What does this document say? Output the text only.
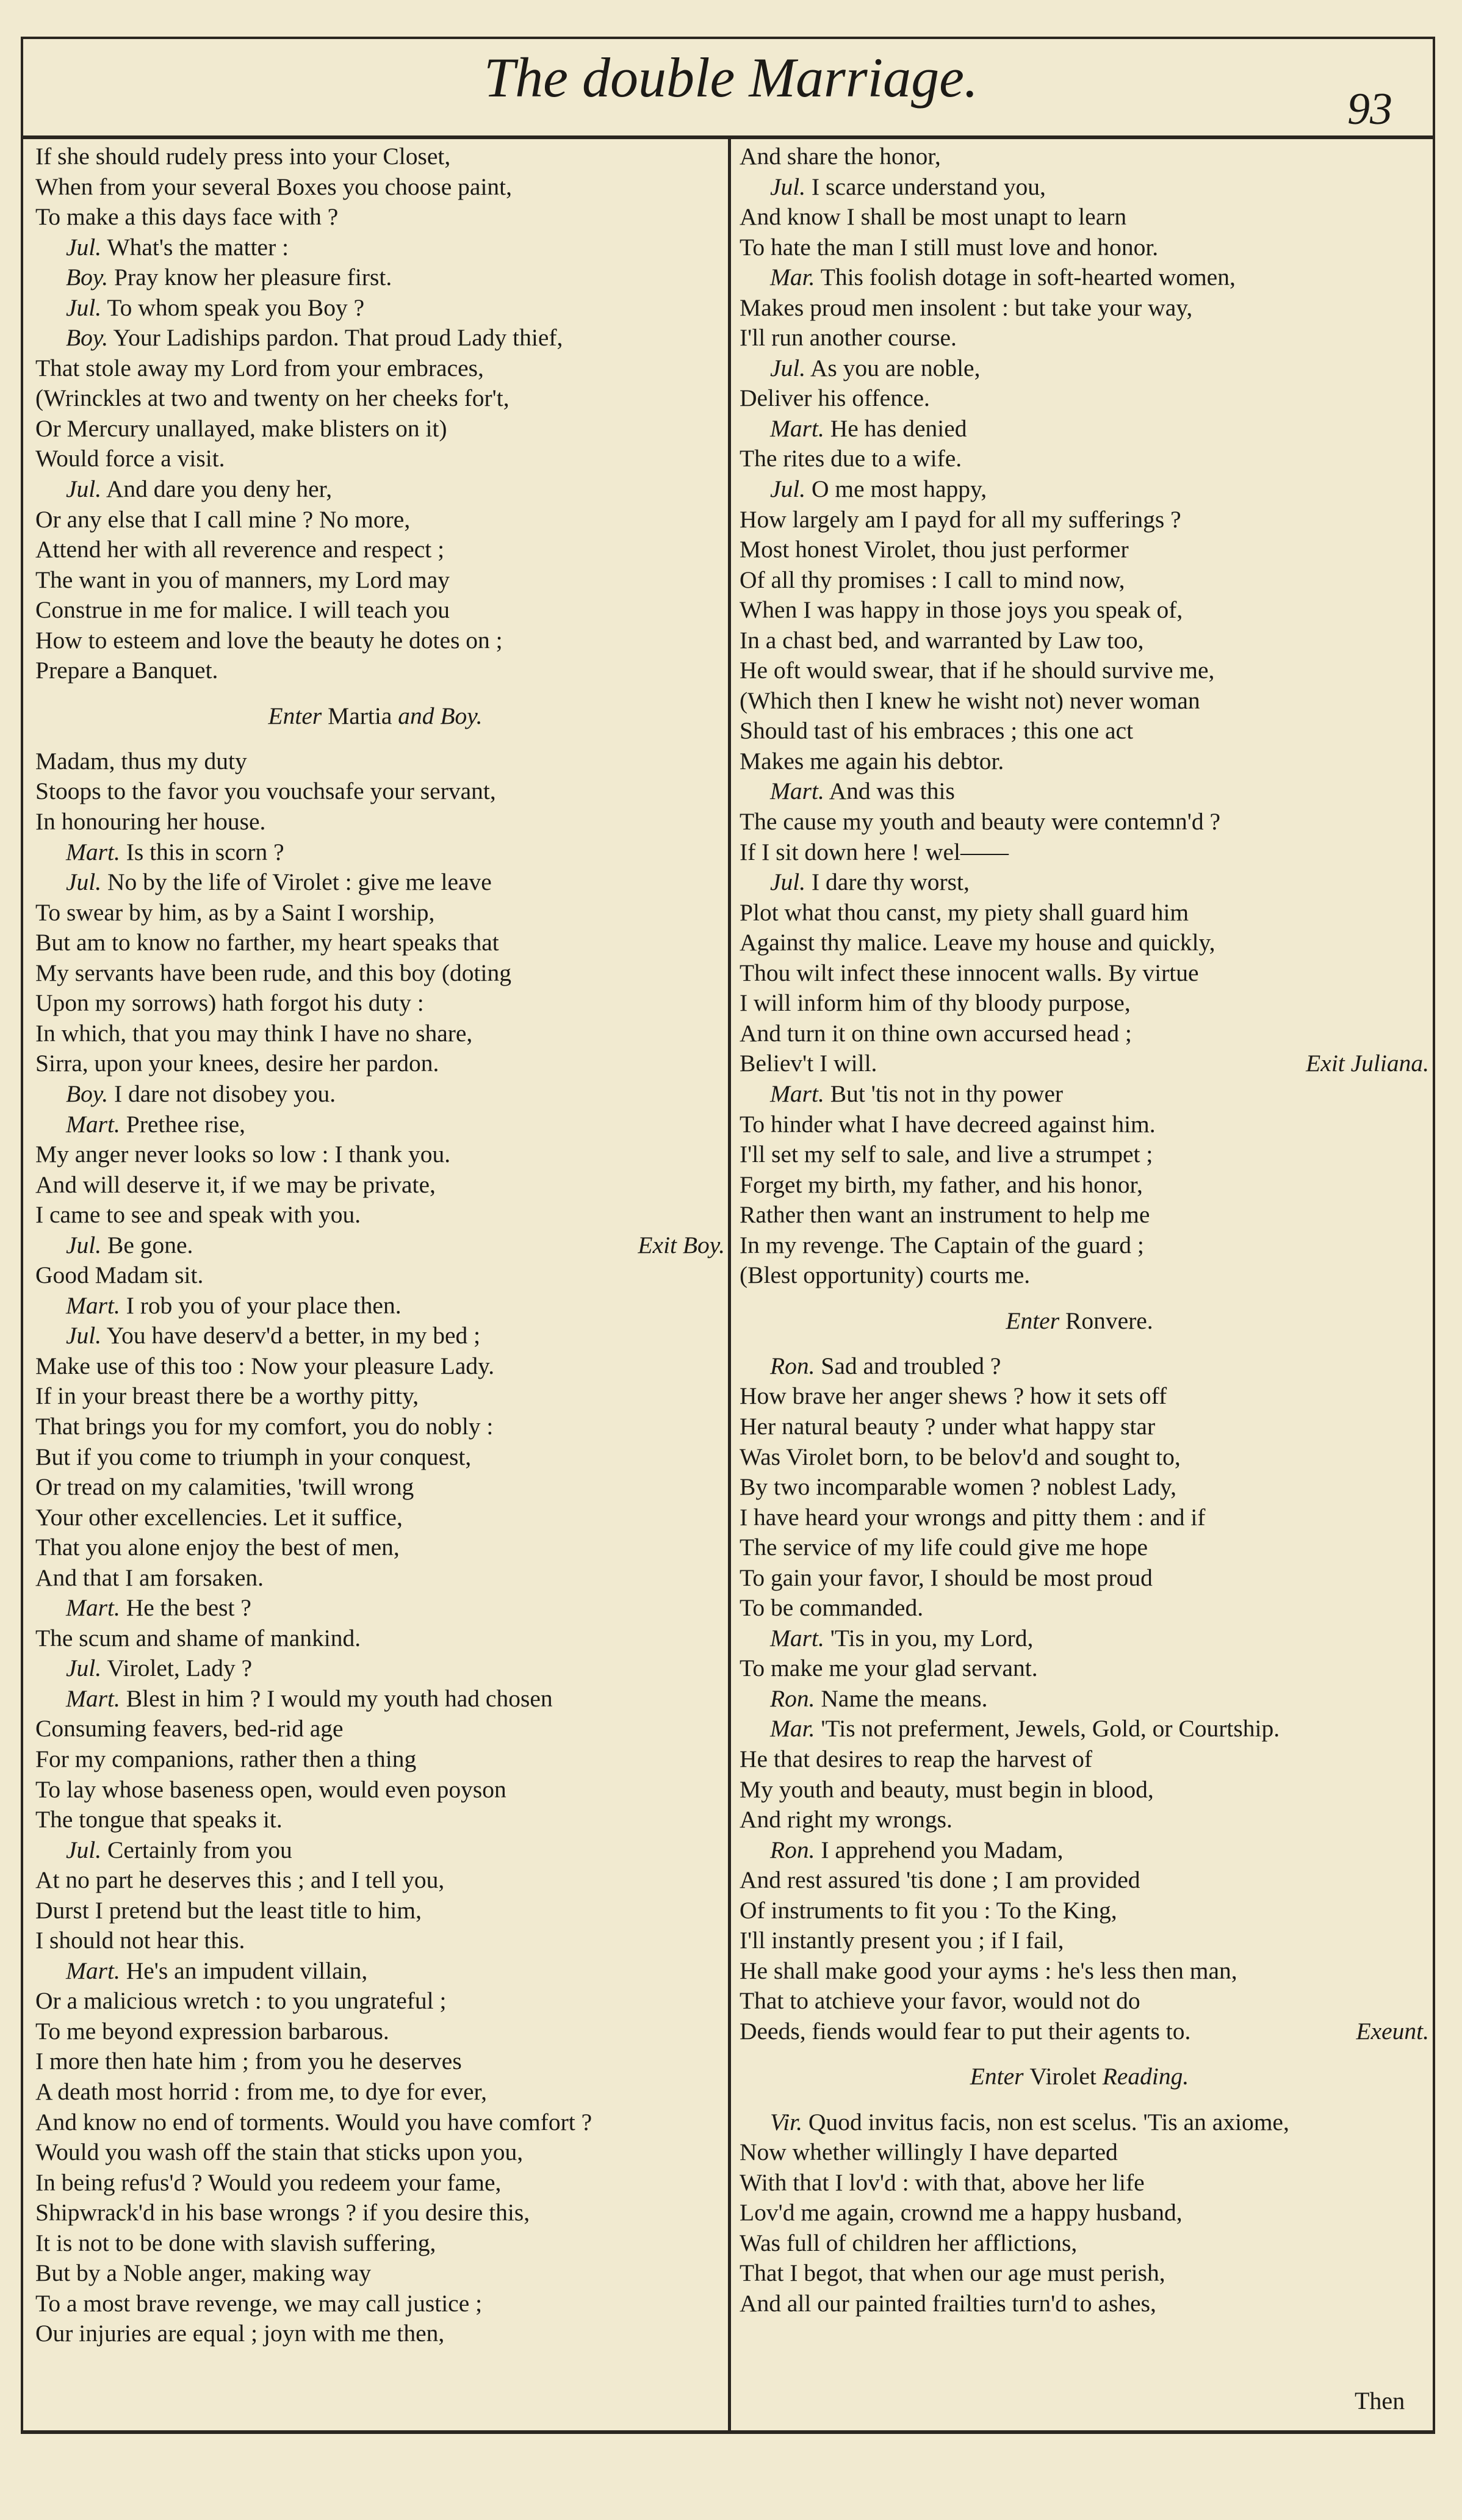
The double Marriage.
93
If she should rudely press into your Closet,
When from your several Boxes you choose paint,
To make a this days face with ?
Jul. What's the matter :
Boy. Pray know her pleasure first.
Jul. To whom speak you Boy ?
Boy. Your Ladiships pardon. That proud Lady thief,
That stole away my Lord from your embraces,
(Wrinckles at two and twenty on her cheeks for't,
Or Mercury unallayed, make blisters on it)
Would force a visit.
Jul. And dare you deny her,
Or any else that I call mine ? No more,
Attend her with all reverence and respect ;
The want in you of manners, my Lord may
Construe in me for malice. I will teach you
How to esteem and love the beauty he dotes on ;
Prepare a Banquet.
Enter Martia and Boy.
Madam, thus my duty
Stoops to the favor you vouchsafe your servant,
In honouring her house.
Mart. Is this in scorn ?
Jul. No by the life of Virolet : give me leave
To swear by him, as by a Saint I worship,
But am to know no farther, my heart speaks that
My servants have been rude, and this boy (doting
Upon my sorrows) hath forgot his duty :
In which, that you may think I have no share,
Sirra, upon your knees, desire her pardon.
Boy. I dare not disobey you.
Mart. Prethee rise,
My anger never looks so low : I thank you.
And will deserve it, if we may be private,
I came to see and speak with you.
Jul. Be gone.	Exit Boy.
Good Madam sit.
Mart. I rob you of your place then.
Jul. You have deserv'd a better, in my bed ;
Make use of this too : Now your pleasure Lady.
If in your breast there be a worthy pitty,
That brings you for my comfort, you do nobly :
But if you come to triumph in your conquest,
Or tread on my calamities, 'twill wrong
Your other excellencies. Let it suffice,
That you alone enjoy the best of men,
And that I am forsaken.
Mart. He the best ?
The scum and shame of mankind.
Jul. Virolet, Lady ?
Mart. Blest in him ? I would my youth had chosen
Consuming feavers, bed-rid age
For my companions, rather then a thing
To lay whose baseness open, would even poyson
The tongue that speaks it.
Jul. Certainly from you
At no part he deserves this ; and I tell you,
Durst I pretend but the least title to him,
I should not hear this.
Mart. He's an impudent villain,
Or a malicious wretch : to you ungrateful ;
To me beyond expression barbarous.
I more then hate him ; from you he deserves
A death most horrid : from me, to dye for ever,
And know no end of torments. Would you have comfort ?
Would you wash off the stain that sticks upon you,
In being refus'd ? Would you redeem your fame,
Shipwrack'd in his base wrongs ? if you desire this,
It is not to be done with slavish suffering,
But by a Noble anger, making way
To a most brave revenge, we may call justice ;
Our injuries are equal ; joyn with me then,
And share the honor,
Jul. I scarce understand you,
And know I shall be most unapt to learn
To hate the man I still must love and honor.
Mar. This foolish dotage in soft-hearted women,
Makes proud men insolent : but take your way,
I'll run another course.
Jul. As you are noble,
Deliver his offence.
Mart. He has denied
The rites due to a wife.
Jul. O me most happy,
How largely am I payd for all my sufferings ?
Most honest Virolet, thou just performer
Of all thy promises : I call to mind now,
When I was happy in those joys you speak of,
In a chast bed, and warranted by Law too,
He oft would swear, that if he should survive me,
(Which then I knew he wisht not) never woman
Should tast of his embraces ; this one act
Makes me again his debtor.
Mart. And was this
The cause my youth and beauty were contemn'd ?
If I sit down here ! wel——
Jul. I dare thy worst,
Plot what thou canst, my piety shall guard him
Against thy malice. Leave my house and quickly,
Thou wilt infect these innocent walls. By virtue
I will inform him of thy bloody purpose,
And turn it on thine own accursed head ;
Believ't I will.	Exit Juliana.
Mart. But 'tis not in thy power
To hinder what I have decreed against him.
I'll set my self to sale, and live a strumpet ;
Forget my birth, my father, and his honor,
Rather then want an instrument to help me
In my revenge. The Captain of the guard ;
(Blest opportunity) courts me.
Enter Ronvere.
Ron. Sad and troubled ?
How brave her anger shews ? how it sets off
Her natural beauty ? under what happy star
Was Virolet born, to be belov'd and sought to,
By two incomparable women ? noblest Lady,
I have heard your wrongs and pitty them : and if
The service of my life could give me hope
To gain your favor, I should be most proud
To be commanded.
Mart. 'Tis in you, my Lord,
To make me your glad servant.
Ron. Name the means.
Mar. 'Tis not preferment, Jewels, Gold, or Courtship.
He that desires to reap the harvest of
My youth and beauty, must begin in blood,
And right my wrongs.
Ron. I apprehend you Madam,
And rest assured 'tis done ; I am provided
Of instruments to fit you : To the King,
I'll instantly present you ; if I fail,
He shall make good your ayms : he's less then man,
That to atchieve your favor, would not do
Deeds, fiends would fear to put their agents to.	Exeunt.
Enter Virolet Reading.
Vir. Quod invitus facis, non est scelus. 'Tis an axiome,
Now whether willingly I have departed
With that I lov'd : with that, above her life
Lov'd me again, crownd me a happy husband,
Was full of children her afflictions,
That I begot, that when our age must perish,
And all our painted frailties turn'd to ashes,
Then
